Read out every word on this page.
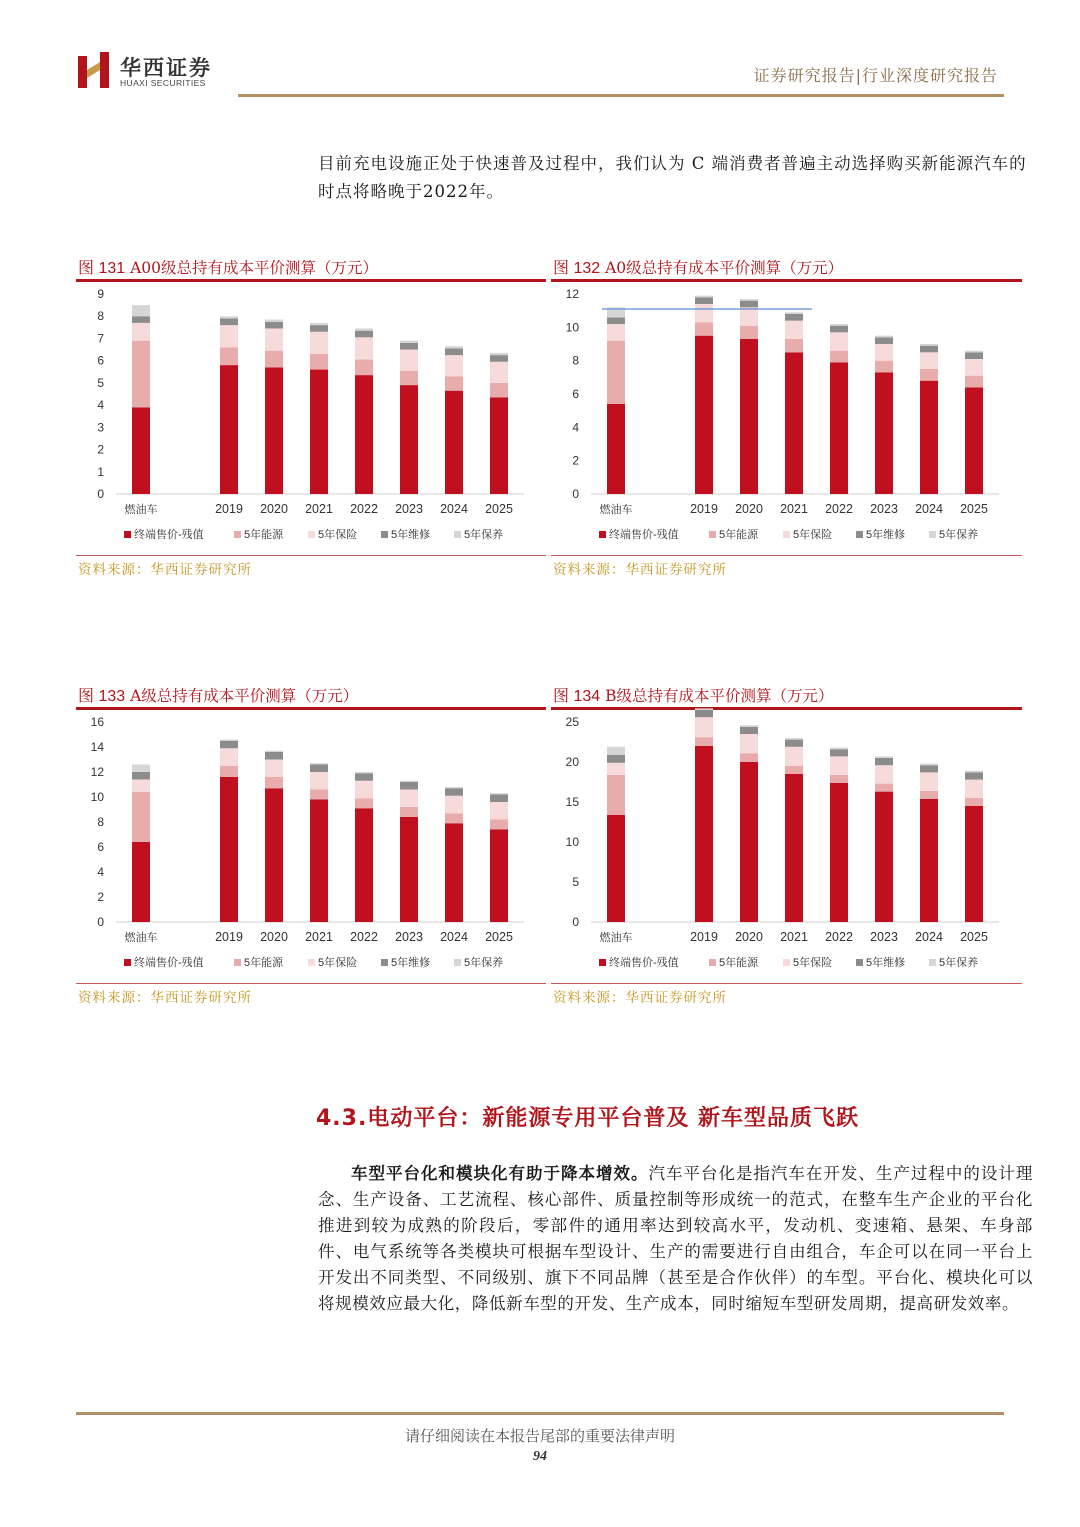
华西证券
HUAXI SECURITIES	证券研究报告|行业深度研究报告
目前充电设施正处于快速普及过程中，我们认为 C 端消费者普遍主动选择购买新能源汽车的时点将略晚于2022年。
图 131 A00级总持有成本平价测算（万元）
0
1
2
3
4
5
6
7
8
9
燃油车	2019 2020 2021 2022 2023 2024 2025
终端售价-残值	5年能源	5年保险	5年维修	5年保养
资料来源：华西证券研究所
图 132 A0级总持有成本平价测算（万元）
0
2
4
6
8
10
12
燃油车	2019 2020 2021 2022 2023 2024 2025
终端售价-残值	5年能源	5年保险	5年维修	5年保养
资料来源：华西证券研究所
图 133 A级总持有成本平价测算（万元）
0
2
4
6
8
10
12
14
16
燃油车	2019 2020 2021 2022 2023 2024 2025
终端售价-残值	5年能源	5年保险	5年维修	5年保养
资料来源：华西证券研究所
图 134 B级总持有成本平价测算（万元）
0
5
10
15
20
25
燃油车	2019 2020 2021 2022 2023 2024 2025
终端售价-残值	5年能源	5年保险	5年维修	5年保养
资料来源：华西证券研究所
4.3.电动平台：新能源专用平台普及 新车型品质飞跃
车型平台化和模块化有助于降本增效。汽车平台化是指汽车在开发、生产过程中的设计理念、生产设备、工艺流程、核心部件、质量控制等形成统一的范式，在整车生产企业的平台化推进到较为成熟的阶段后，零部件的通用率达到较高水平，发动机、变速箱、悬架、车身部件、电气系统等各类模块可根据车型设计、生产的需要进行自由组合，车企可以在同一平台上开发出不同类型、不同级别、旗下不同品牌（甚至是合作伙伴）的车型。平台化、模块化可以将规模效应最大化，降低新车型的开发、生产成本，同时缩短车型研发周期，提高研发效率。
请仔细阅读在本报告尾部的重要法律声明
94
